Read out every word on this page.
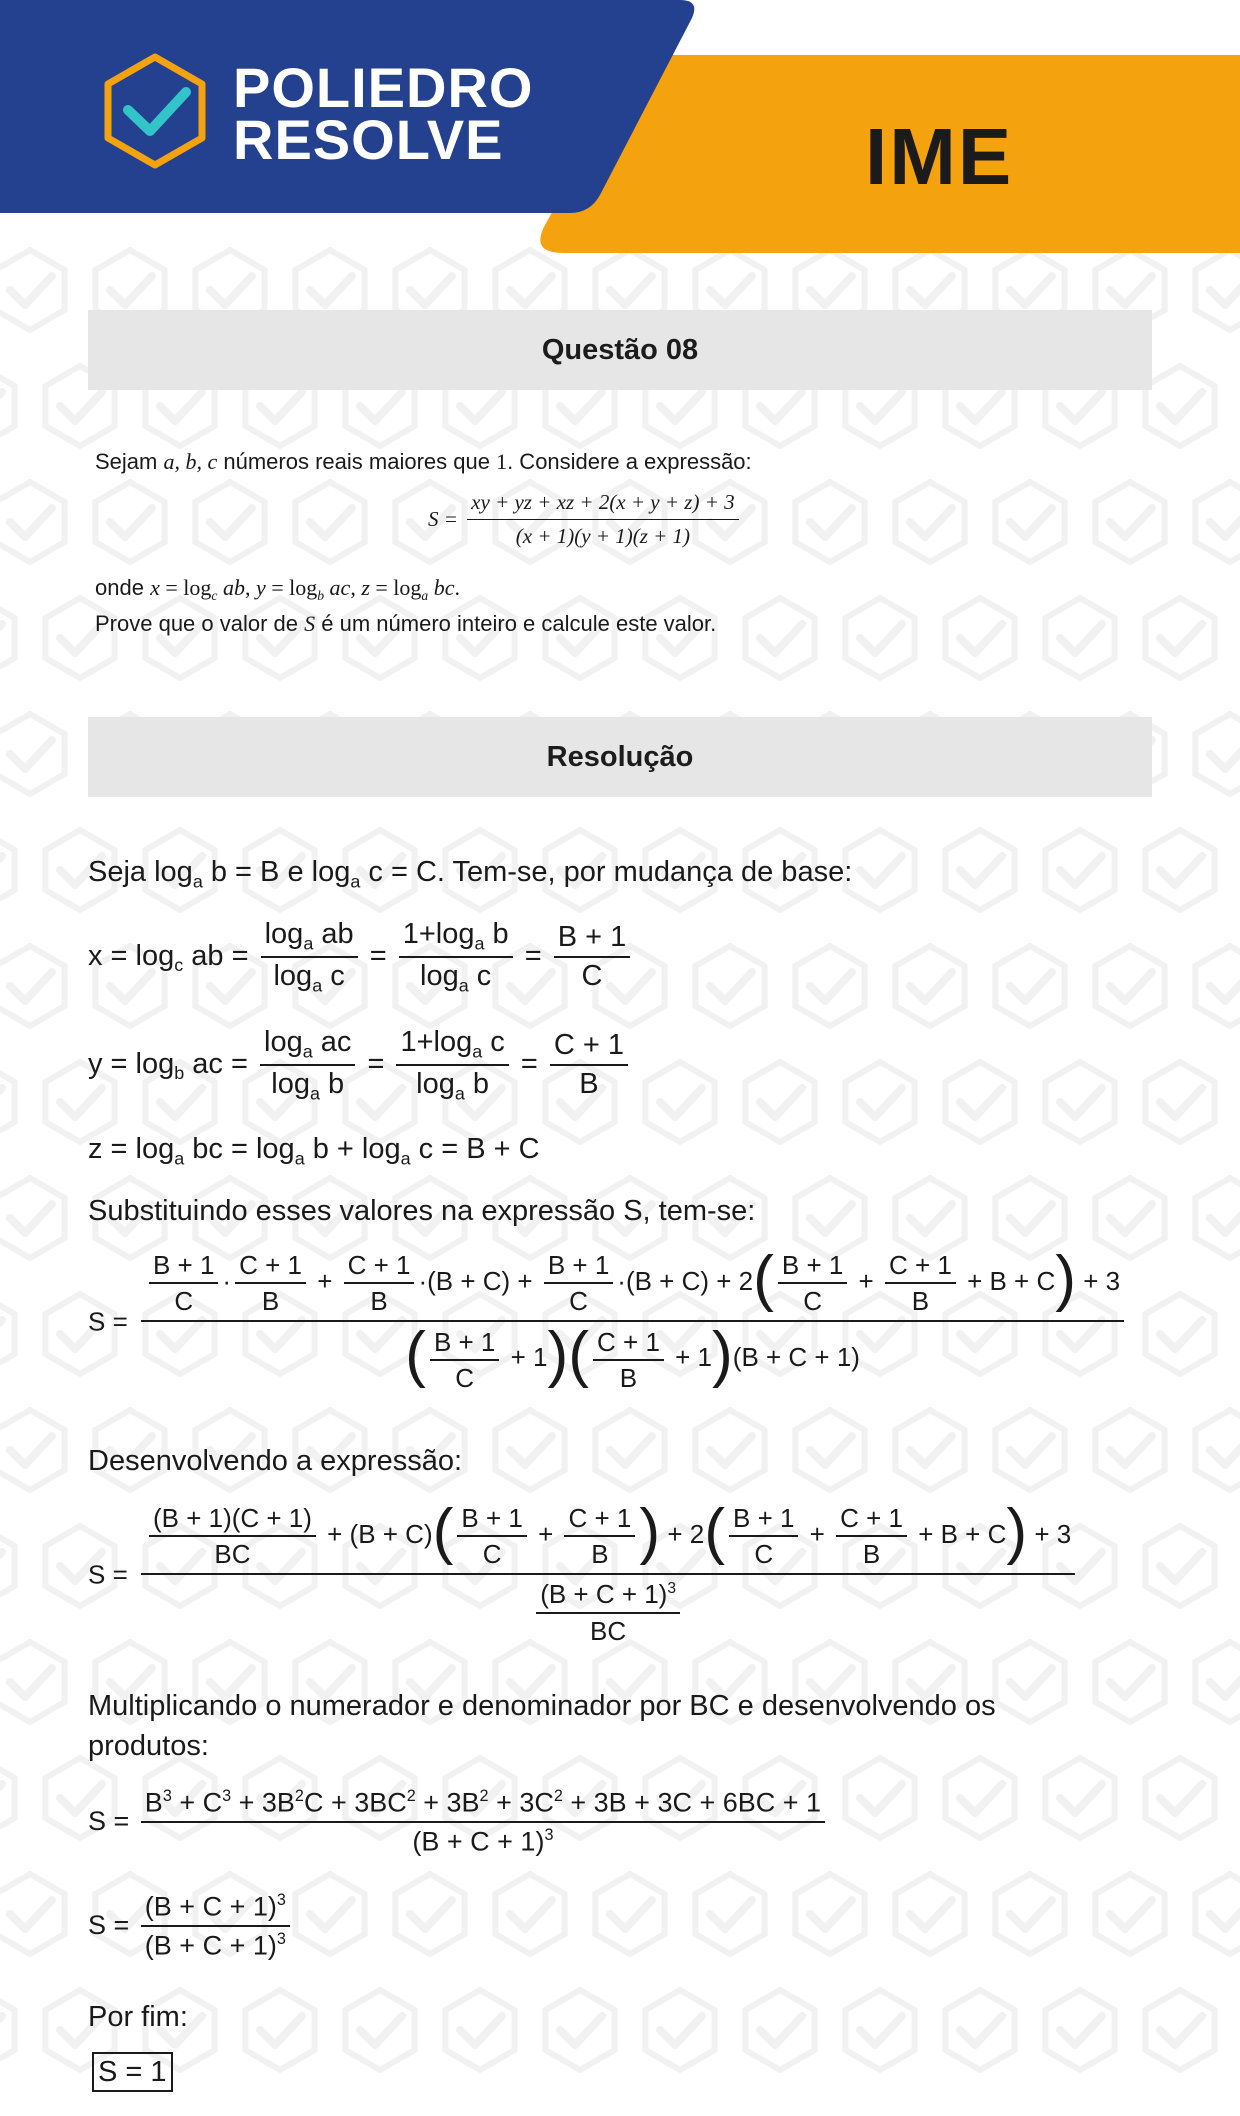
POLIEDRO
RESOLVE	IME
Questão 08
Sejam a, b, c números reais maiores que 1. Considere a expressão:
$S = \frac{xy + yz + xz + 2(x + y + z) + 3}{(x + 1)(y + 1)(z + 1)}$
onde $x = \log_c$ ab, $y = \log_b$ ac, $z = \log_a$ bc.
Prove que o valor de S é um número inteiro e calcule este valor.
Resolução
Seja $\log_a b = B$ e $\log_a c = C$. Tem-se, por mudança de base:
$x = \log_c$ ab = $\frac{\log_a ab}{\log_a c} = \frac{1+\log_a b}{\log_a c} = \frac{B + 1}{C}$
$y = \log_b$ ac = $\frac{\log_a ac}{\log_a b} = \frac{1+\log_a c}{\log_a b} = \frac{C + 1}{B}$
$z = \log_a$ bc = $\log_a b + \log_a c = B + C$
Substituindo esses valores na expressão S, tem-se:
S =
$\frac{B + 1}{C} \cdot \frac{C + 1}{B} + \frac{C + 1}{B} \cdot(B + C) + \frac{B + 1}{C} \cdot(B + C) + 2( \frac{B + 1}{C} + \frac{C + 1}{B} + B + C) + 3$
( $\frac{B + 1}{C} + 1)( \frac{C + 1}{B} + 1)(B + C + 1)$
Desenvolvendo a expressão:
S =
$\frac{(B + 1)(C + 1)}{BC} + (B + C)( \frac{B + 1}{C} + \frac{C + 1}{B}$ ) + $2( \frac{B + 1}{C} + \frac{C + 1}{B} + B + C) + 3$
$\frac{(B + C + 1)^3}{BC}$
Multiplicando o numerador e denominador por BC e desenvolvendo os
produtos:
$S = \frac{B^3 + C^3 + 3B^2C + 3BC^2 + 3B^2 + 3C^2 + 3B + 3C + 6BC + 1}{(B + C + 1)^3}$
$S = \frac{(B + C + 1)^3}{(B + C + 1)^3}$
Por fim:
S = 1
